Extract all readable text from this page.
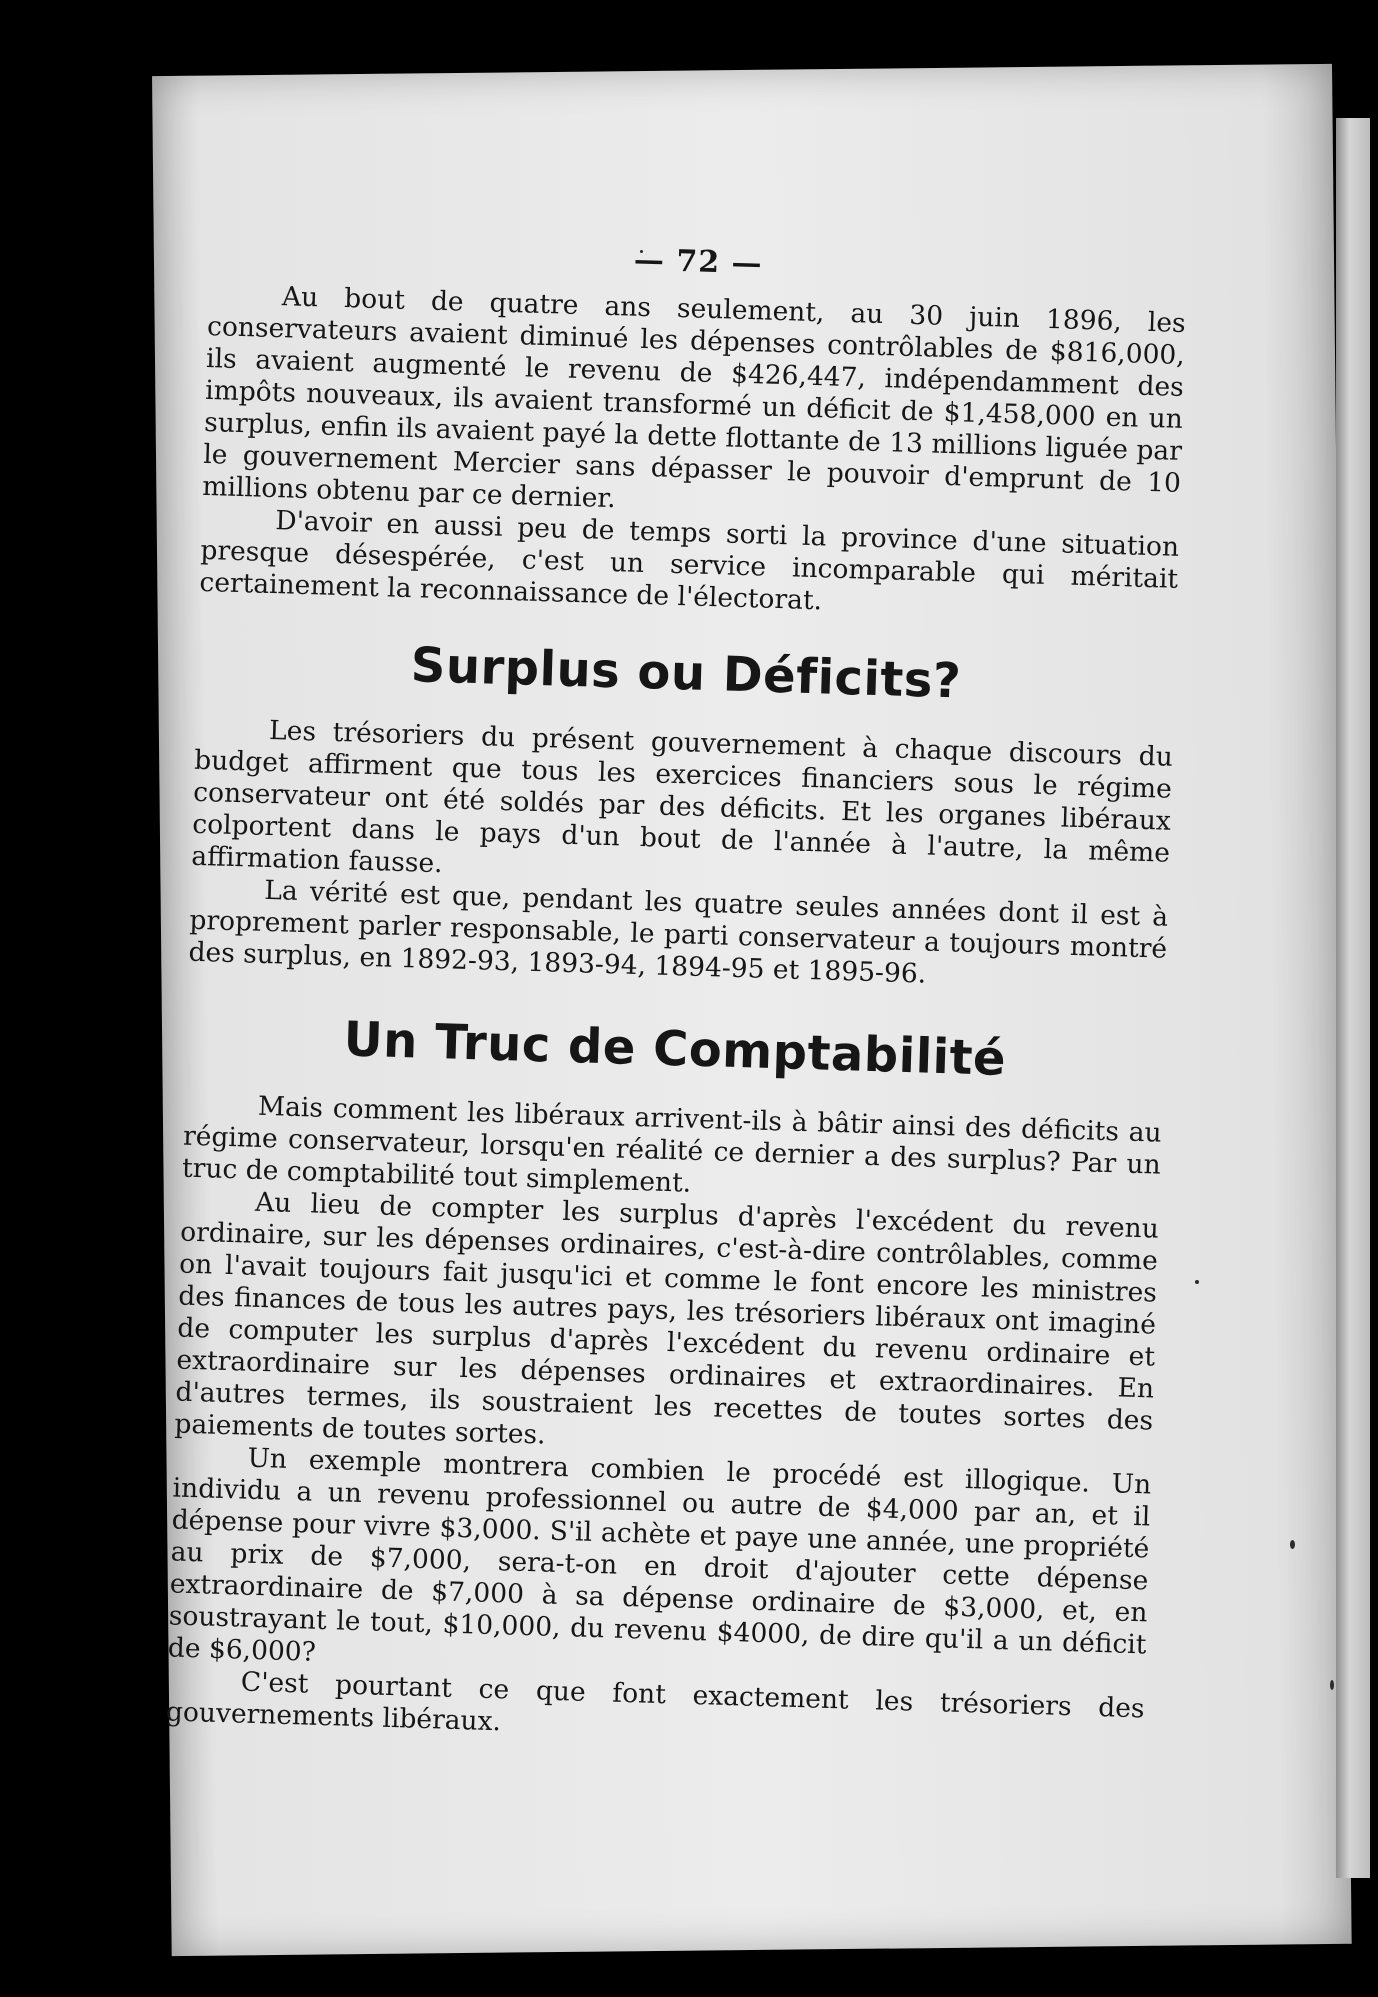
— 72 —

Au bout de quatre ans seulement, au 30 juin 1896, les conservateurs avaient diminué les dépenses contrôlables de $816,000, ils avaient augmenté le revenu de $426,447, indépendamment des impôts nouveaux, ils avaient transformé un déficit de $1,458,000 en un surplus, enfin ils avaient payé la dette flottante de 13 millions liguée par le gouvernement Mercier sans dépasser le pouvoir d'emprunt de 10 millions obtenu par ce dernier.

D'avoir en aussi peu de temps sorti la province d'une situation presque désespérée, c'est un service incomparable qui méritait certainement la reconnaissance de l'électorat.

Surplus ou Déficits?

Les trésoriers du présent gouvernement à chaque discours du budget affirment que tous les exercices financiers sous le régime conservateur ont été soldés par des déficits. Et les organes libéraux colportent dans le pays d'un bout de l'année à l'autre, la même affirmation fausse.

La vérité est que, pendant les quatre seules années dont il est à proprement parler responsable, le parti conservateur a toujours montré des surplus, en 1892-93, 1893-94, 1894-95 et 1895-96.

Un Truc de Comptabilité

Mais comment les libéraux arrivent-ils à bâtir ainsi des déficits au régime conservateur, lorsqu'en réalité ce dernier a des surplus? Par un truc de comptabilité tout simplement.

Au lieu de compter les surplus d'après l'excédent du revenu ordinaire, sur les dépenses ordinaires, c'est-à-dire contrôlables, comme on l'avait toujours fait jusqu'ici et comme le font encore les ministres des finances de tous les autres pays, les trésoriers libéraux ont imaginé de computer les surplus d'après l'excédent du revenu ordinaire et extraordinaire sur les dépenses ordinaires et extraordinaires. En d'autres termes, ils soustraient les recettes de toutes sortes des paiements de toutes sortes.

Un exemple montrera combien le procédé est illogique. Un individu a un revenu professionnel ou autre de $4,000 par an, et il dépense pour vivre $3,000. S'il achète et paye une année, une propriété au prix de $7,000, sera-t-on en droit d'ajouter cette dépense extraordinaire de $7,000 à sa dépense ordinaire de $3,000, et, en soustrayant le tout, $10,000, du revenu $4000, de dire qu'il a un déficit de $6,000?

C'est pourtant ce que font exactement les trésoriers des gouvernements libéraux.
